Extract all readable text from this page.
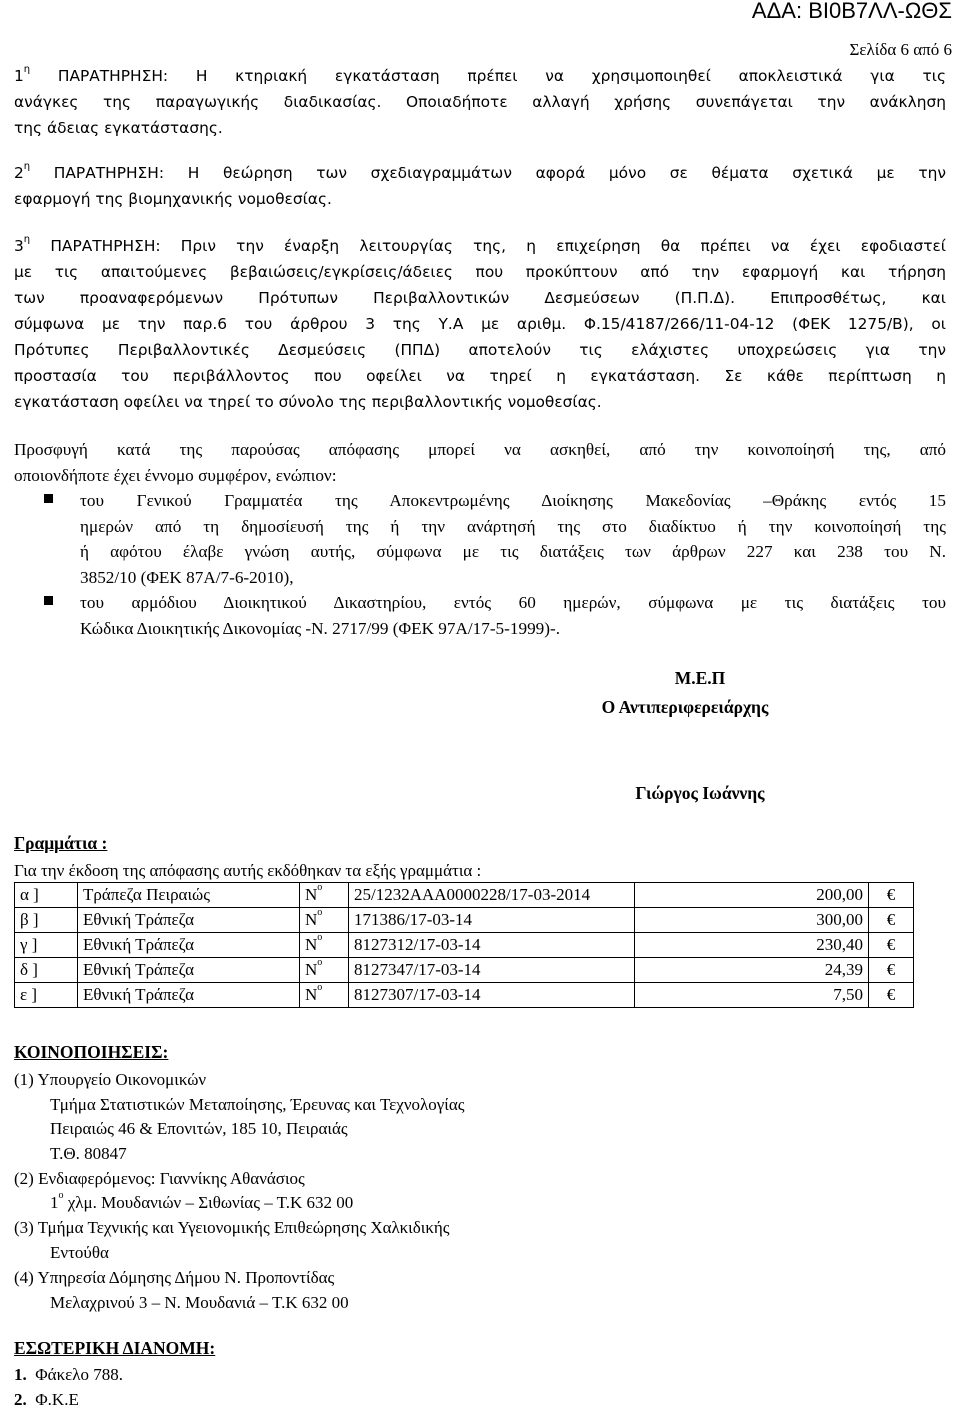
ΑΔΑ: ΒΙ0Β7ΛΛ-ΩΘΣ
Σελίδα 6 από 6
$1^\eta$ ΠΑΡΑΤΗΡΗΣΗ: Η κτηριακή εγκατάσταση πρέπει να χρησιμοποιηθεί αποκλειστικά για τις
ανάγκες της παραγωγικής διαδικασίας. Οποιαδήποτε αλλαγή χρήσης συνεπάγεται την ανάκληση
της άδειας εγκατάστασης.
$2^\eta$ ΠΑΡΑΤΗΡΗΣΗ: Η θεώρηση των σχεδιαγραμμάτων αφορά μόνο σε θέματα σχετικά με την
εφαρμογή της βιομηχανικής νομοθεσίας.
$3^\eta$ ΠΑΡΑΤΗΡΗΣΗ: Πριν την έναρξη λειτουργίας της, η επιχείρηση θα πρέπει να έχει εφοδιαστεί
με τις απαιτούμενες βεβαιώσεις/εγκρίσεις/άδειες που προκύπτουν από την εφαρμογή και τήρηση
των προαναφερόμενων Πρότυπων Περιβαλλοντικών Δεσμεύσεων (Π.Π.Δ). Επιπροσθέτως, και
σύμφωνα με την παρ.6 του άρθρου 3 της Υ.Α με αριθμ. Φ.15/4187/266/11-04-12 (ΦΕΚ 1275/Β), οι
Πρότυπες Περιβαλλοντικές Δεσμεύσεις (ΠΠΔ) αποτελούν τις ελάχιστες υποχρεώσεις για την
προστασία του περιβάλλοντος που οφείλει να τηρεί η εγκατάσταση. Σε κάθε περίπτωση η
εγκατάσταση οφείλει να τηρεί το σύνολο της περιβαλλοντικής νομοθεσίας.
Προσφυγή κατά της παρούσας απόφασης μπορεί να ασκηθεί, από την κοινοποίησή της, από
οποιονδήποτε έχει έννομο συμφέρον, ενώπιον:
του Γενικού Γραμματέα της Αποκεντρωμένης Διοίκησης Μακεδονίας –Θράκης εντός 15
ημερών από τη δημοσίευσή της ή την ανάρτησή της στο διαδίκτυο ή την κοινοποίησή της
ή αφότου έλαβε γνώση αυτής, σύμφωνα με τις διατάξεις των άρθρων 227 και 238 του Ν.
3852/10 (ΦΕΚ 87Α/7-6-2010),
του αρμόδιου Διοικητικού Δικαστηρίου, εντός 60 ημερών, σύμφωνα με τις διατάξεις του
Κώδικα Διοικητικής Δικονομίας -Ν. 2717/99 (ΦΕΚ 97Α/17-5-1999)-.
Μ.Ε.Π
Ο Αντιπεριφερειάρχης
Γιώργος Ιωάννης
Γραμμάτια :
Για την έκδοση της απόφασης αυτής εκδόθηκαν τα εξής γραμμάτια :
α ]	Τράπεζα Πειραιώς	$N^o$	25/1232ΑΑΑ0000228/17-03-2014	200,00	€
β ]	Εθνική Τράπεζα	$N^o$	171386/17-03-14	300,00	€
γ ]	Εθνική Τράπεζα	$N^o$	8127312/17-03-14	230,40	€
δ ]	Εθνική Τράπεζα	$N^o$	8127347/17-03-14	24,39	€
ε ]	Εθνική Τράπεζα	$N^o$	8127307/17-03-14	7,50	€
ΚΟΙΝΟΠΟΙΗΣΕΙΣ:
(1) Υπουργείο Οικονομικών
Τμήμα Στατιστικών Μεταποίησης, Έρευνας και Τεχνολογίας
Πειραιώς 46 & Επονιτών, 185 10, Πειραιάς
Τ.Θ. 80847
(2) Ενδιαφερόμενος: Γιαννίκης Αθανάσιος
$1^o$ χλμ. Μουδανιών – Σιθωνίας – Τ.Κ 632 00
(3) Τμήμα Τεχνικής και Υγειονομικής Επιθεώρησης Χαλκιδικής
Εντούθα
(4) Υπηρεσία Δόμησης Δήμου Ν. Προποντίδας
Μελαχρινού 3 – Ν. Μουδανιά – Τ.Κ 632 00
ΕΣΩΤΕΡΙΚΗ ΔΙΑΝΟΜΗ:
1. Φάκελο 788.
2. Φ.Κ.Ε
